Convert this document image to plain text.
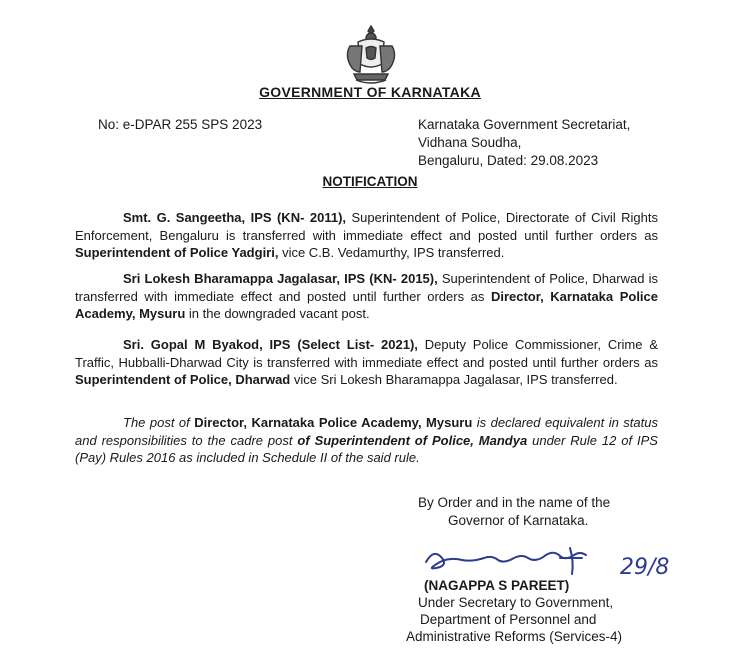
GOVERNMENT OF KARNATAKA
No: e-DPAR 255 SPS 2023	Karnataka Government Secretariat,
Vidhana Soudha,
Bengaluru, Dated: 29.08.2023
NOTIFICATION
Smt. G. Sangeetha, IPS (KN- 2011), Superintendent of Police, Directorate of Civil Rights Enforcement, Bengaluru is transferred with immediate effect and posted until further orders as Superintendent of Police Yadgiri, vice C.B. Vedamurthy, IPS transferred.
Sri Lokesh Bharamappa Jagalasar, IPS (KN- 2015), Superintendent of Police, Dharwad is transferred with immediate effect and posted until further orders as Director, Karnataka Police Academy, Mysuru in the downgraded vacant post.
Sri. Gopal M Byakod, IPS (Select List- 2021), Deputy Police Commissioner, Crime & Traffic, Hubballi-Dharwad City is transferred with immediate effect and posted until further orders as Superintendent of Police, Dharwad vice Sri Lokesh Bharamappa Jagalasar, IPS transferred.
The post of Director, Karnataka Police Academy, Mysuru is declared equivalent in status and responsibilities to the cadre post of Superintendent of Police, Mandya under Rule 12 of IPS (Pay) Rules 2016 as included in Schedule II of the said rule.
By Order and in the name of the
Governor of Karnataka.
29/8
(NAGAPPA S PAREET)
Under Secretary to Government,
Department of Personnel and
Administrative Reforms (Services-4)
